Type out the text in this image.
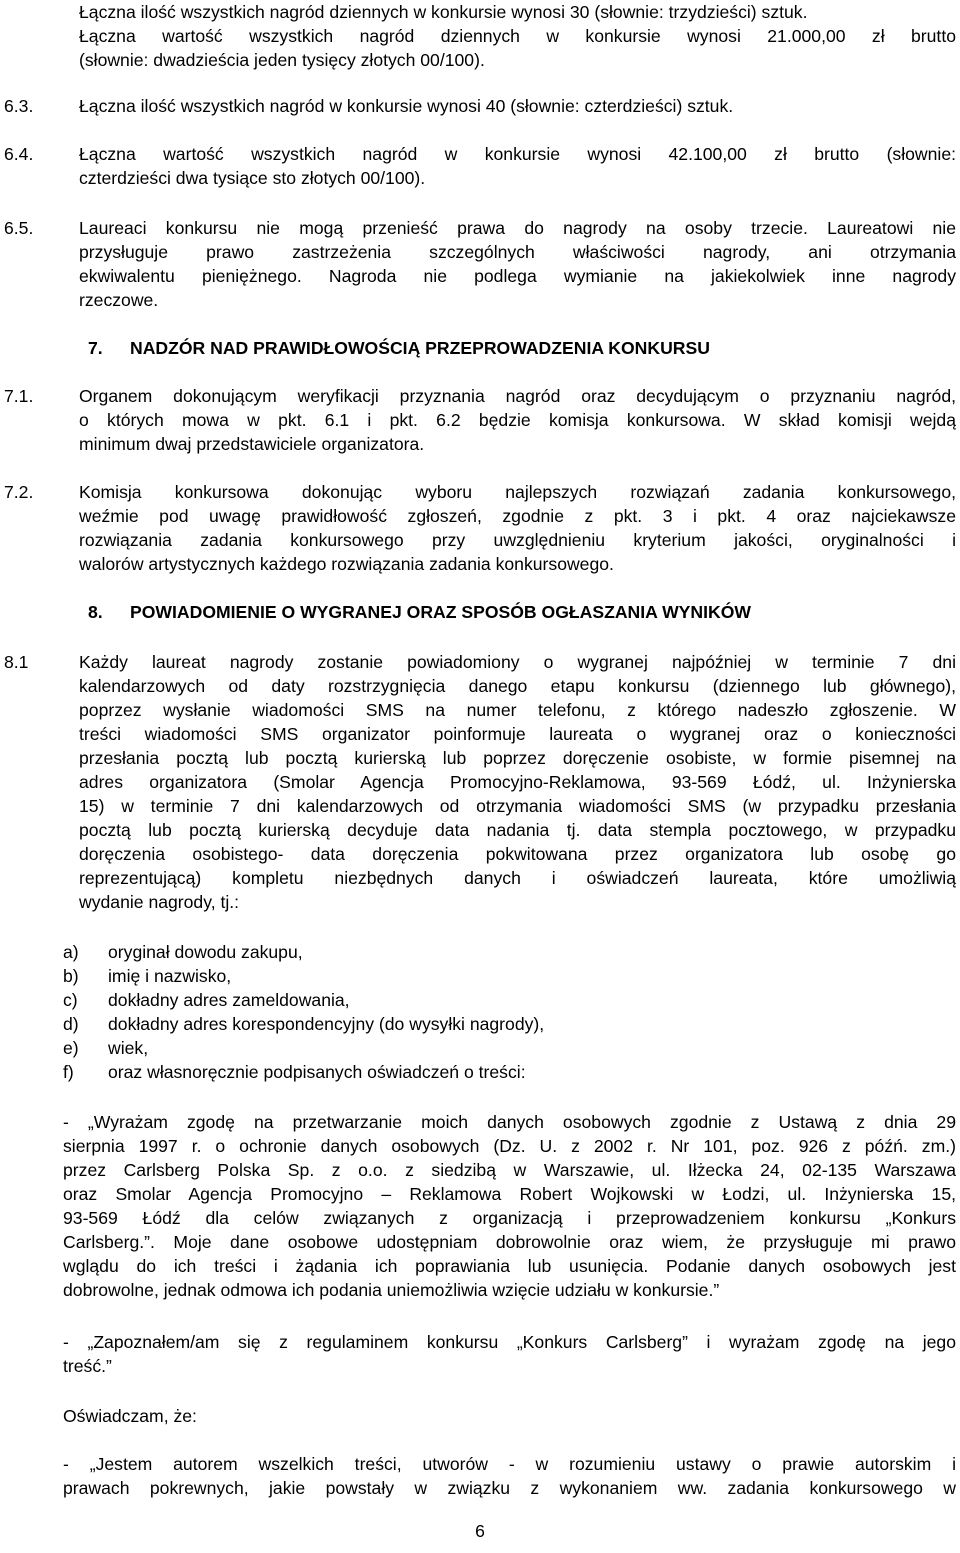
Łączna ilość wszystkich nagród dziennych w konkursie wynosi 30 (słownie: trzydzieści) sztuk.
Łączna wartość wszystkich nagród dziennych w konkursie wynosi 21.000,00 zł brutto
(słownie: dwadzieścia jeden tysięcy złotych 00/100).
6.3.	Łączna ilość wszystkich nagród w konkursie wynosi 40 (słownie: czterdzieści) sztuk.
6.4.	Łączna wartość wszystkich nagród w konkursie wynosi 42.100,00 zł brutto (słownie:
czterdzieści dwa tysiące sto złotych 00/100).
6.5.	Laureaci konkursu nie mogą przenieść prawa do nagrody na osoby trzecie. Laureatowi nie
przysługuje prawo zastrzeżenia szczególnych właściwości nagrody, ani otrzymania
ekwiwalentu pieniężnego. Nagroda nie podlega wymianie na jakiekolwiek inne nagrody
rzeczowe.
7. NADZÓR NAD PRAWIDŁOWOŚCIĄ PRZEPROWADZENIA KONKURSU
7.1.	Organem dokonującym weryfikacji przyznania nagród oraz decydującym o przyznaniu nagród,
o których mowa w pkt. 6.1 i pkt. 6.2 będzie komisja konkursowa. W skład komisji wejdą
minimum dwaj przedstawiciele organizatora.
7.2.	Komisja konkursowa dokonując wyboru najlepszych rozwiązań zadania konkursowego,
weźmie pod uwagę prawidłowość zgłoszeń, zgodnie z pkt. 3 i pkt. 4 oraz najciekawsze
rozwiązania zadania konkursowego przy uwzględnieniu kryterium jakości, oryginalności i
walorów artystycznych każdego rozwiązania zadania konkursowego.
8. POWIADOMIENIE O WYGRANEJ ORAZ SPOSÓB OGŁASZANIA WYNIKÓW
8.1	Każdy laureat nagrody zostanie powiadomiony o wygranej najpóźniej w terminie 7 dni
kalendarzowych od daty rozstrzygnięcia danego etapu konkursu (dziennego lub głównego),
poprzez wysłanie wiadomości SMS na numer telefonu, z którego nadeszło zgłoszenie. W
treści wiadomości SMS organizator poinformuje laureata o wygranej oraz o konieczności
przesłania pocztą lub pocztą kurierską lub poprzez doręczenie osobiste, w formie pisemnej na
adres organizatora (Smolar Agencja Promocyjno-Reklamowa, 93-569 Łódź, ul. Inżynierska
15) w terminie 7 dni kalendarzowych od otrzymania wiadomości SMS (w przypadku przesłania
pocztą lub pocztą kurierską decyduje data nadania tj. data stempla pocztowego, w przypadku
doręczenia osobistego- data doręczenia pokwitowana przez organizatora lub osobę go
reprezentującą) kompletu niezbędnych danych i oświadczeń laureata, które umożliwią
wydanie nagrody, tj.:
a) oryginał dowodu zakupu,
b) imię i nazwisko,
c) dokładny adres zameldowania,
d) dokładny adres korespondencyjny (do wysyłki nagrody),
e) wiek,
f) oraz własnoręcznie podpisanych oświadczeń o treści:
- „Wyrażam zgodę na przetwarzanie moich danych osobowych zgodnie z Ustawą z dnia 29
sierpnia 1997 r. o ochronie danych osobowych (Dz. U. z 2002 r. Nr 101, poz. 926 z późń. zm.)
przez Carlsberg Polska Sp. z o.o. z siedzibą w Warszawie, ul. Iłżecka 24, 02-135 Warszawa
oraz Smolar Agencja Promocyjno – Reklamowa Robert Wojkowski w Łodzi, ul. Inżynierska 15,
93-569 Łódź dla celów związanych z organizacją i przeprowadzeniem konkursu „Konkurs
Carlsberg.”. Moje dane osobowe udostępniam dobrowolnie oraz wiem, że przysługuje mi prawo
wglądu do ich treści i żądania ich poprawiania lub usunięcia. Podanie danych osobowych jest
dobrowolne, jednak odmowa ich podania uniemożliwia wzięcie udziału w konkursie.”
- „Zapoznałem/am się z regulaminem konkursu „Konkurs Carlsberg” i wyrażam zgodę na jego
treść.”
Oświadczam, że:
- „Jestem autorem wszelkich treści, utworów - w rozumieniu ustawy o prawie autorskim i
prawach pokrewnych, jakie powstały w związku z wykonaniem ww. zadania konkursowego w
6
